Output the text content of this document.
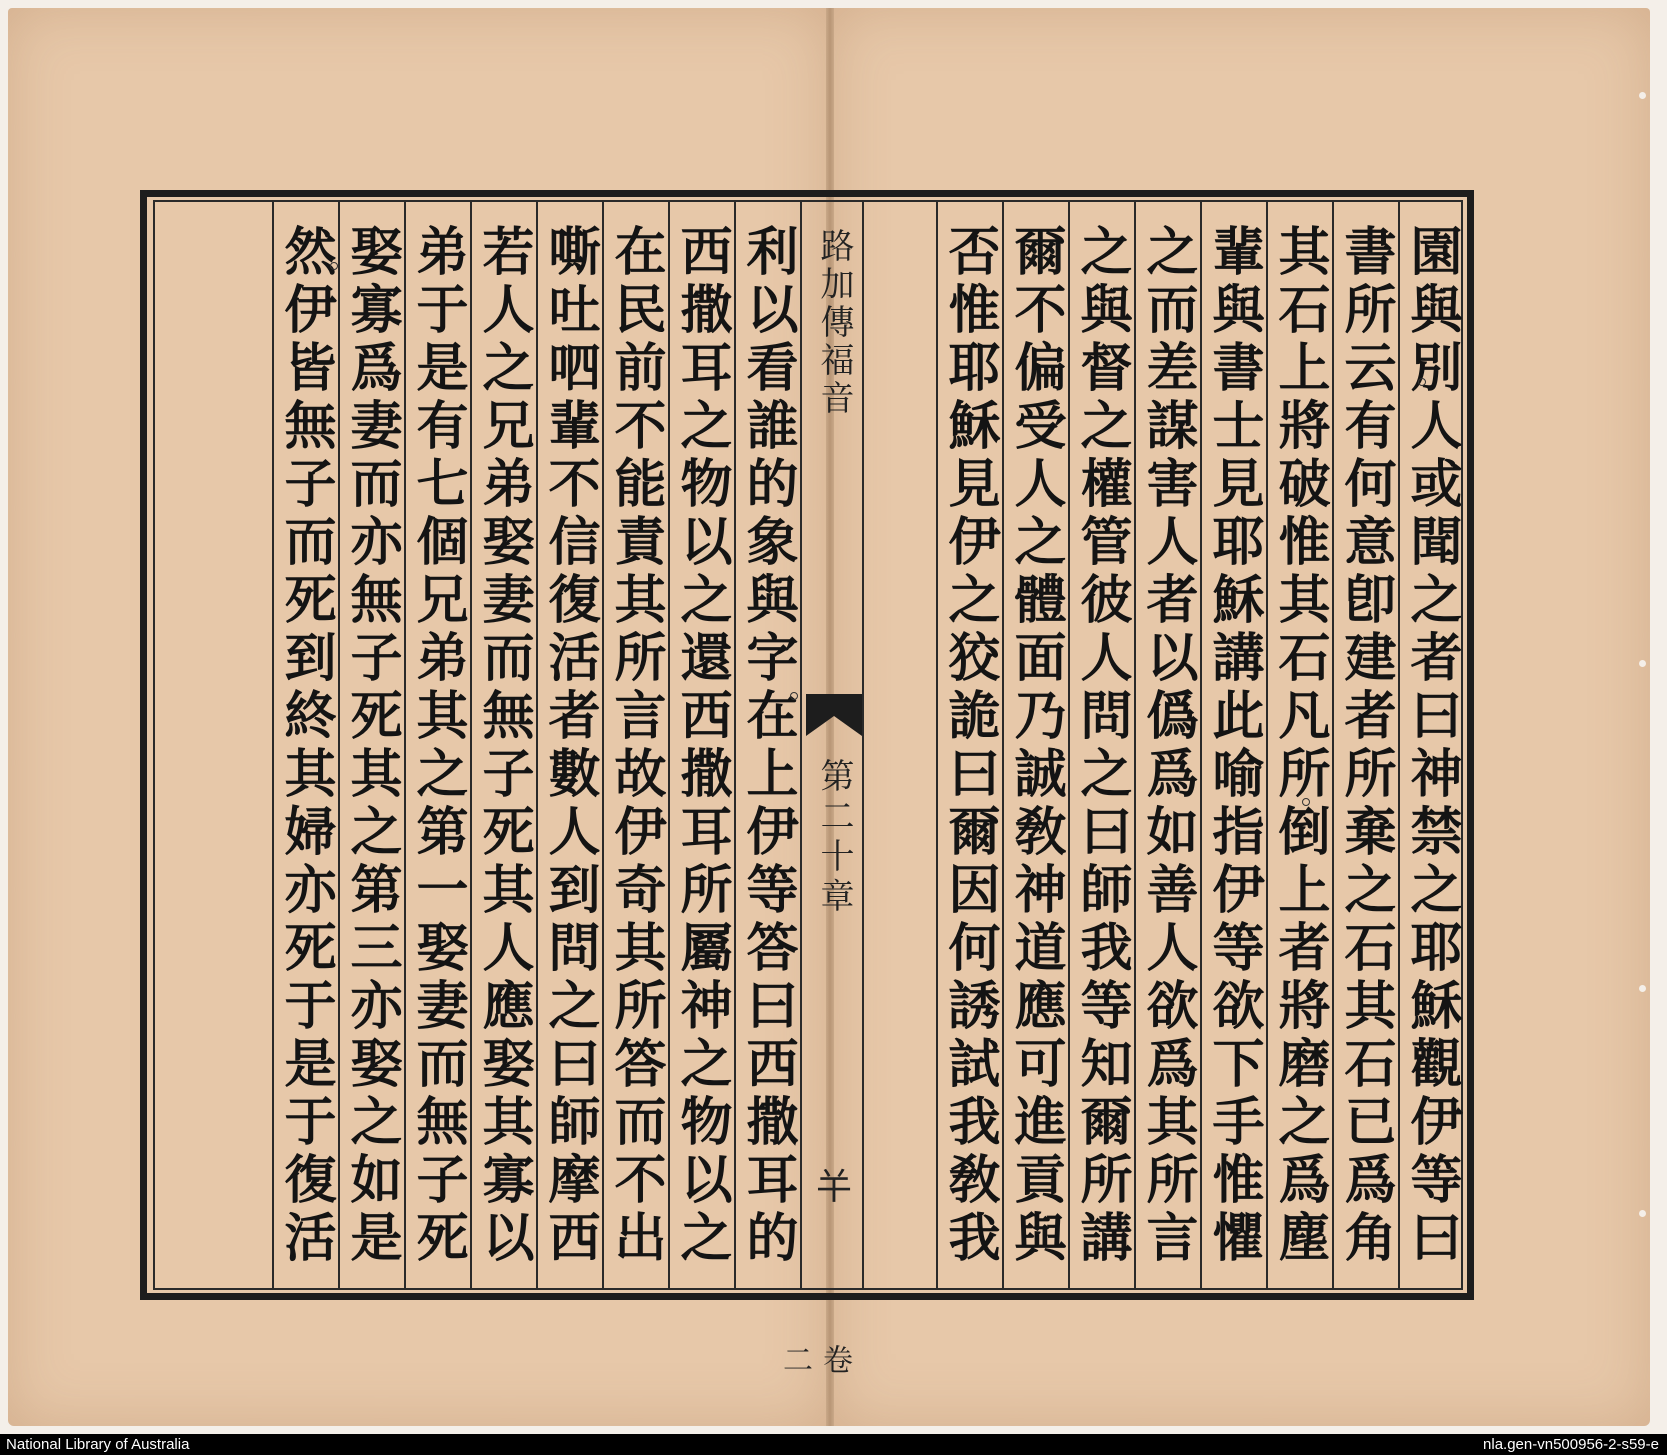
園與別人或聞之者曰神禁之耶穌觀伊等曰
書所云有何意卽建者所棄之石其石已爲角
其石上將破惟其石凡所倒上者將磨之爲塵
輩與書士見耶穌講此喻指伊等欲下手惟懼
之而差謀害人者以僞爲如善人欲爲其所言
之與督之權管彼人問之曰師我等知爾所講
爾不偏受人之體面乃誠敎神道應可進貢與
否惟耶穌見伊之狡詭曰爾因何誘試我敎我
路加傳福音
第二十章
𢆉
卷二
利以看誰的象與字在上伊等答曰西撒耳的
西撒耳之物以之還西撒耳所屬神之物以之
在民前不能責其所言故伊奇其所答而不出
嘶吐呬輩不信復活者數人到問之曰師摩西
若人之兄弟娶妻而無子死其人應娶其寡以
弟于是有七個兄弟其之第一娶妻而無子死
娶寡爲妻而亦無子死其之第三亦娶之如是
然伊皆無子而死到終其婦亦死于是于復活
National Library of Australia	nla.gen-vn500956-2-s59-e
